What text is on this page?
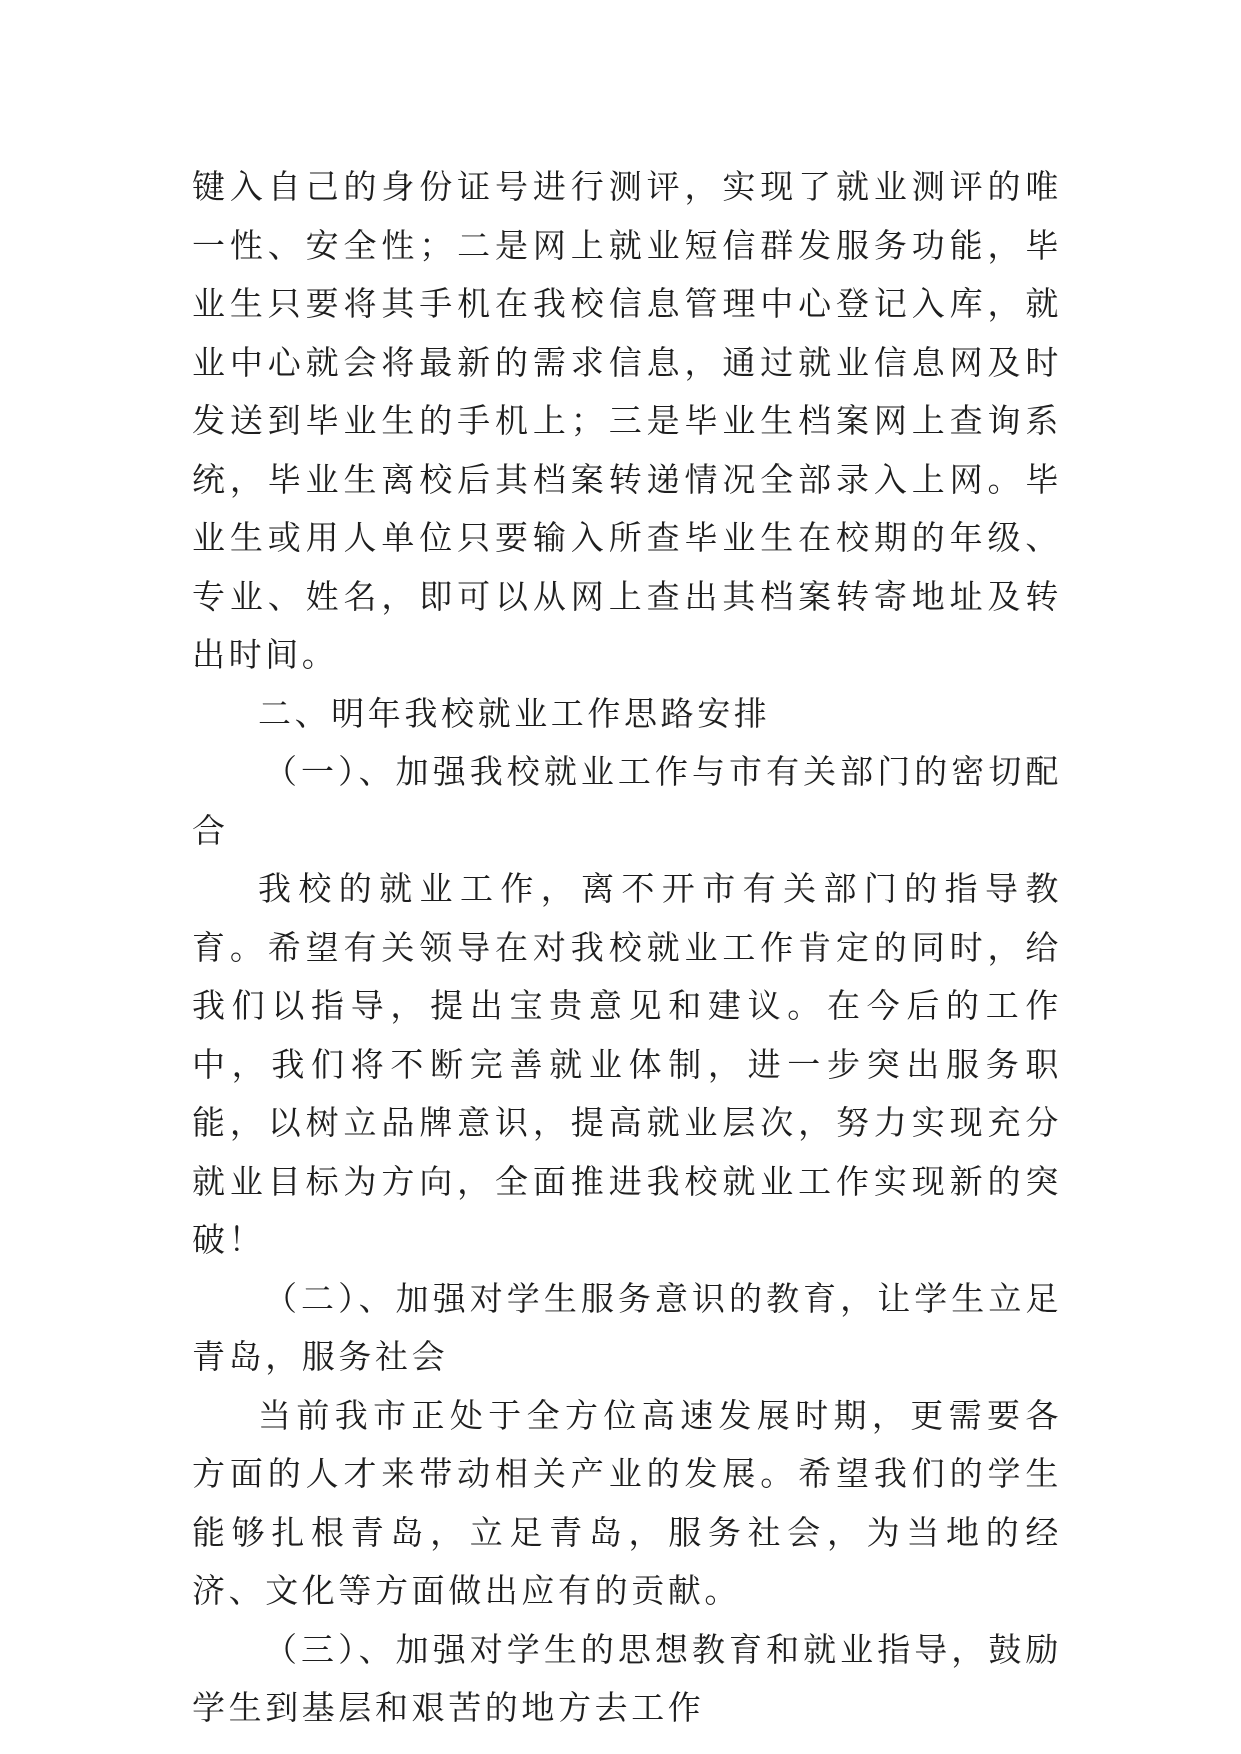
键入自己的身份证号进行测评，实现了就业测评的唯一性、安全性；二是网上就业短信群发服务功能，毕业生只要将其手机在我校信息管理中心登记入库，就业中心就会将最新的需求信息，通过就业信息网及时发送到毕业生的手机上；三是毕业生档案网上查询系统，毕业生离校后其档案转递情况全部录入上网。毕业生或用人单位只要输入所查毕业生在校期的年级、专业、姓名，即可以从网上查出其档案转寄地址及转出时间。

二、明年我校就业工作思路安排

（一）、加强我校就业工作与市有关部门的密切配合

我校的就业工作，离不开市有关部门的指导教育。希望有关领导在对我校就业工作肯定的同时，给我们以指导，提出宝贵意见和建议。在今后的工作中，我们将不断完善就业体制，进一步突出服务职能，以树立品牌意识，提高就业层次，努力实现充分就业目标为方向，全面推进我校就业工作实现新的突破！

（二）、加强对学生服务意识的教育，让学生立足青岛，服务社会

当前我市正处于全方位高速发展时期，更需要各方面的人才来带动相关产业的发展。希望我们的学生能够扎根青岛，立足青岛，服务社会，为当地的经济、文化等方面做出应有的贡献。

（三）、加强对学生的思想教育和就业指导，鼓励学生到基层和艰苦的地方去工作
